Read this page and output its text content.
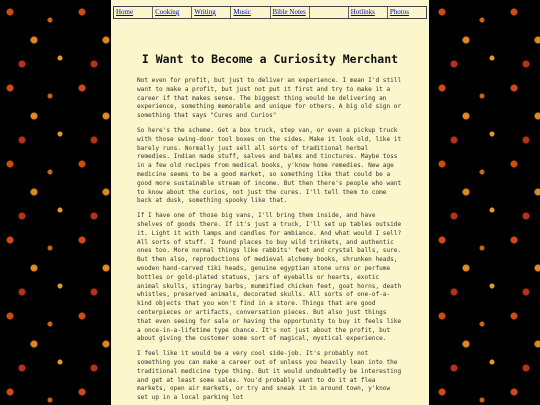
Home	Cooking	Writing	Music	Bible Notes	Hotlinks	Photos
I Want to Become a Curiosity Merchant

Not even for profit, but just to deliver an experience. I mean I'd still want to make a profit, but just not put it first and try to make it a career if that makes sense. The biggest thing would be delivering an experience, something memorable and unique for others. A big old sign or something that says "Cures and Curios"

So here's the scheme. Get a box truck, step van, or even a pickup truck with those swing-door tool boxes on the sides. Make it look old, like it barely runs. Normally just sell all sorts of traditional herbal remedies. Indian made stuff, salves and balms and tinctures. Maybe toss in a few old recipes from medical books, y'know home remedies. New age medicine seems to be a good market, so something like that could be a good more sustainable stream of income. But then there's people who want to know about the curios, not just the cures. I'll tell them to come back at dusk, something spooky like that.

If I have one of those big vans, I'll bring them inside, and have shelves of goods there. If it's just a truck, I'll set up tables outside it. Light it with lamps and candles for ambiance. And what would I sell? All sorts of stuff. I found places to buy wild trinkets, and authentic ones too. More normal things like rabbits' feet and crystal balls, sure. But then also, reproductions of medieval alchemy books, shrunken heads, wooden hand-carved tiki heads, genuine egyptian stone urns or perfume bottles or gold-plated statues, jars of eyeballs or hearts, exotic animal skulls, stingray barbs, mummified chicken feet, goat horns, death whistles, preserved animals, decorated skulls. All sorts of one-of-a-kind objects that you won't find in a store. Things that are good centerpieces or artifacts, conversation pieces. But also just things that even seeing for sale or having the opportunity to buy it feels like a once-in-a-lifetime type chance. It's not just about the profit, but about giving the customer some sort of magical, mystical experience.

I feel like it would be a very cool side-job. It's probably not something you can make a career out of unless you heavily lean into the traditional medicine type thing. But it would undoubtedly be interesting and get at least some sales. You'd probably want to do it at flea markets, open air markets, or try and sneak it in around town, y'know set up in a local parking lot
